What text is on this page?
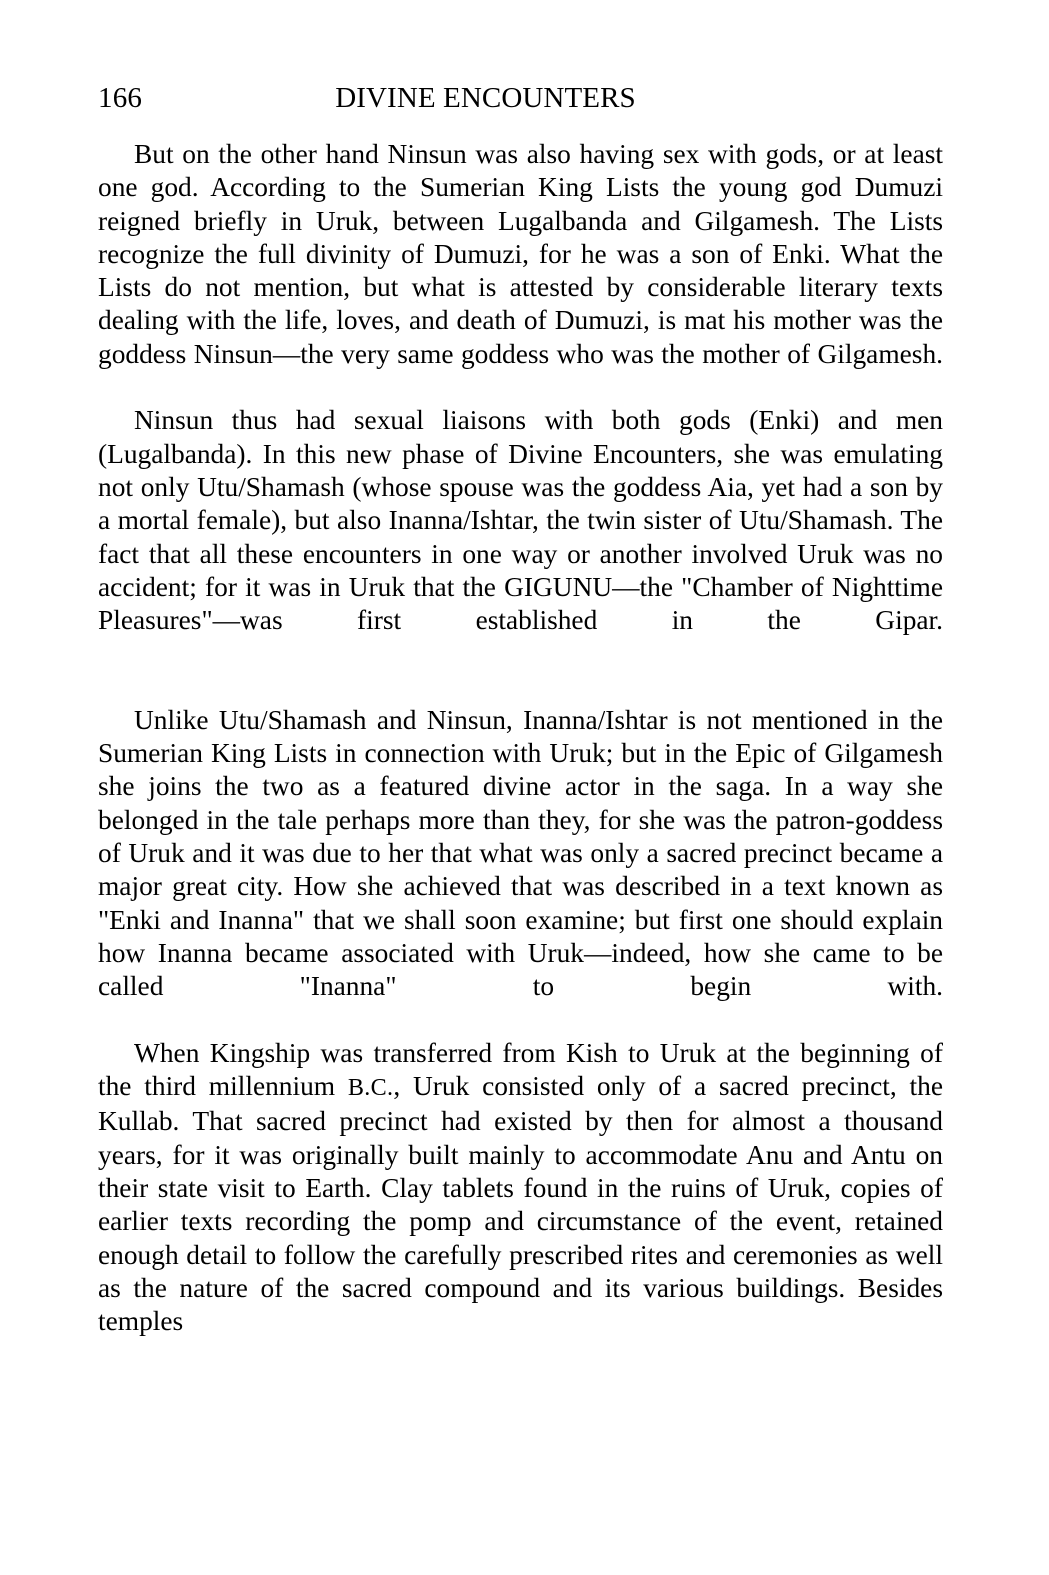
166	DIVINE ENCOUNTERS

But on the other hand Ninsun was also having sex with gods, or at least one god. According to the Sumerian King Lists the young god Dumuzi reigned briefly in Uruk, between Lugalbanda and Gilgamesh. The Lists recognize the full divinity of Dumuzi, for he was a son of Enki. What the Lists do not mention, but what is attested by considerable literary texts dealing with the life, loves, and death of Dumuzi, is mat his mother was the goddess Ninsun—the very same goddess who was the mother of Gilgamesh.

Ninsun thus had sexual liaisons with both gods (Enki) and men (Lugalbanda). In this new phase of Divine Encounters, she was emulating not only Utu/Shamash (whose spouse was the goddess Aia, yet had a son by a mortal female), but also Inanna/Ishtar, the twin sister of Utu/Shamash. The fact that all these encounters in one way or another involved Uruk was no accident; for it was in Uruk that the GIGUNU—the "Chamber of Nighttime Pleasures"—was first established in the Gipar.

Unlike Utu/Shamash and Ninsun, Inanna/Ishtar is not mentioned in the Sumerian King Lists in connection with Uruk; but in the Epic of Gilgamesh she joins the two as a featured divine actor in the saga. In a way she belonged in the tale perhaps more than they, for she was the patron-goddess of Uruk and it was due to her that what was only a sacred precinct became a major great city. How she achieved that was described in a text known as "Enki and Inanna" that we shall soon examine; but first one should explain how Inanna became associated with Uruk—indeed, how she came to be called "Inanna" to begin with.

When Kingship was transferred from Kish to Uruk at the beginning of the third millennium B.C., Uruk consisted only of a sacred precinct, the Kullab. That sacred precinct had existed by then for almost a thousand years, for it was originally built mainly to accommodate Anu and Antu on their state visit to Earth. Clay tablets found in the ruins of Uruk, copies of earlier texts recording the pomp and circumstance of the event, retained enough detail to follow the carefully prescribed rites and ceremonies as well as the nature of the sacred compound and its various buildings. Besides temples
